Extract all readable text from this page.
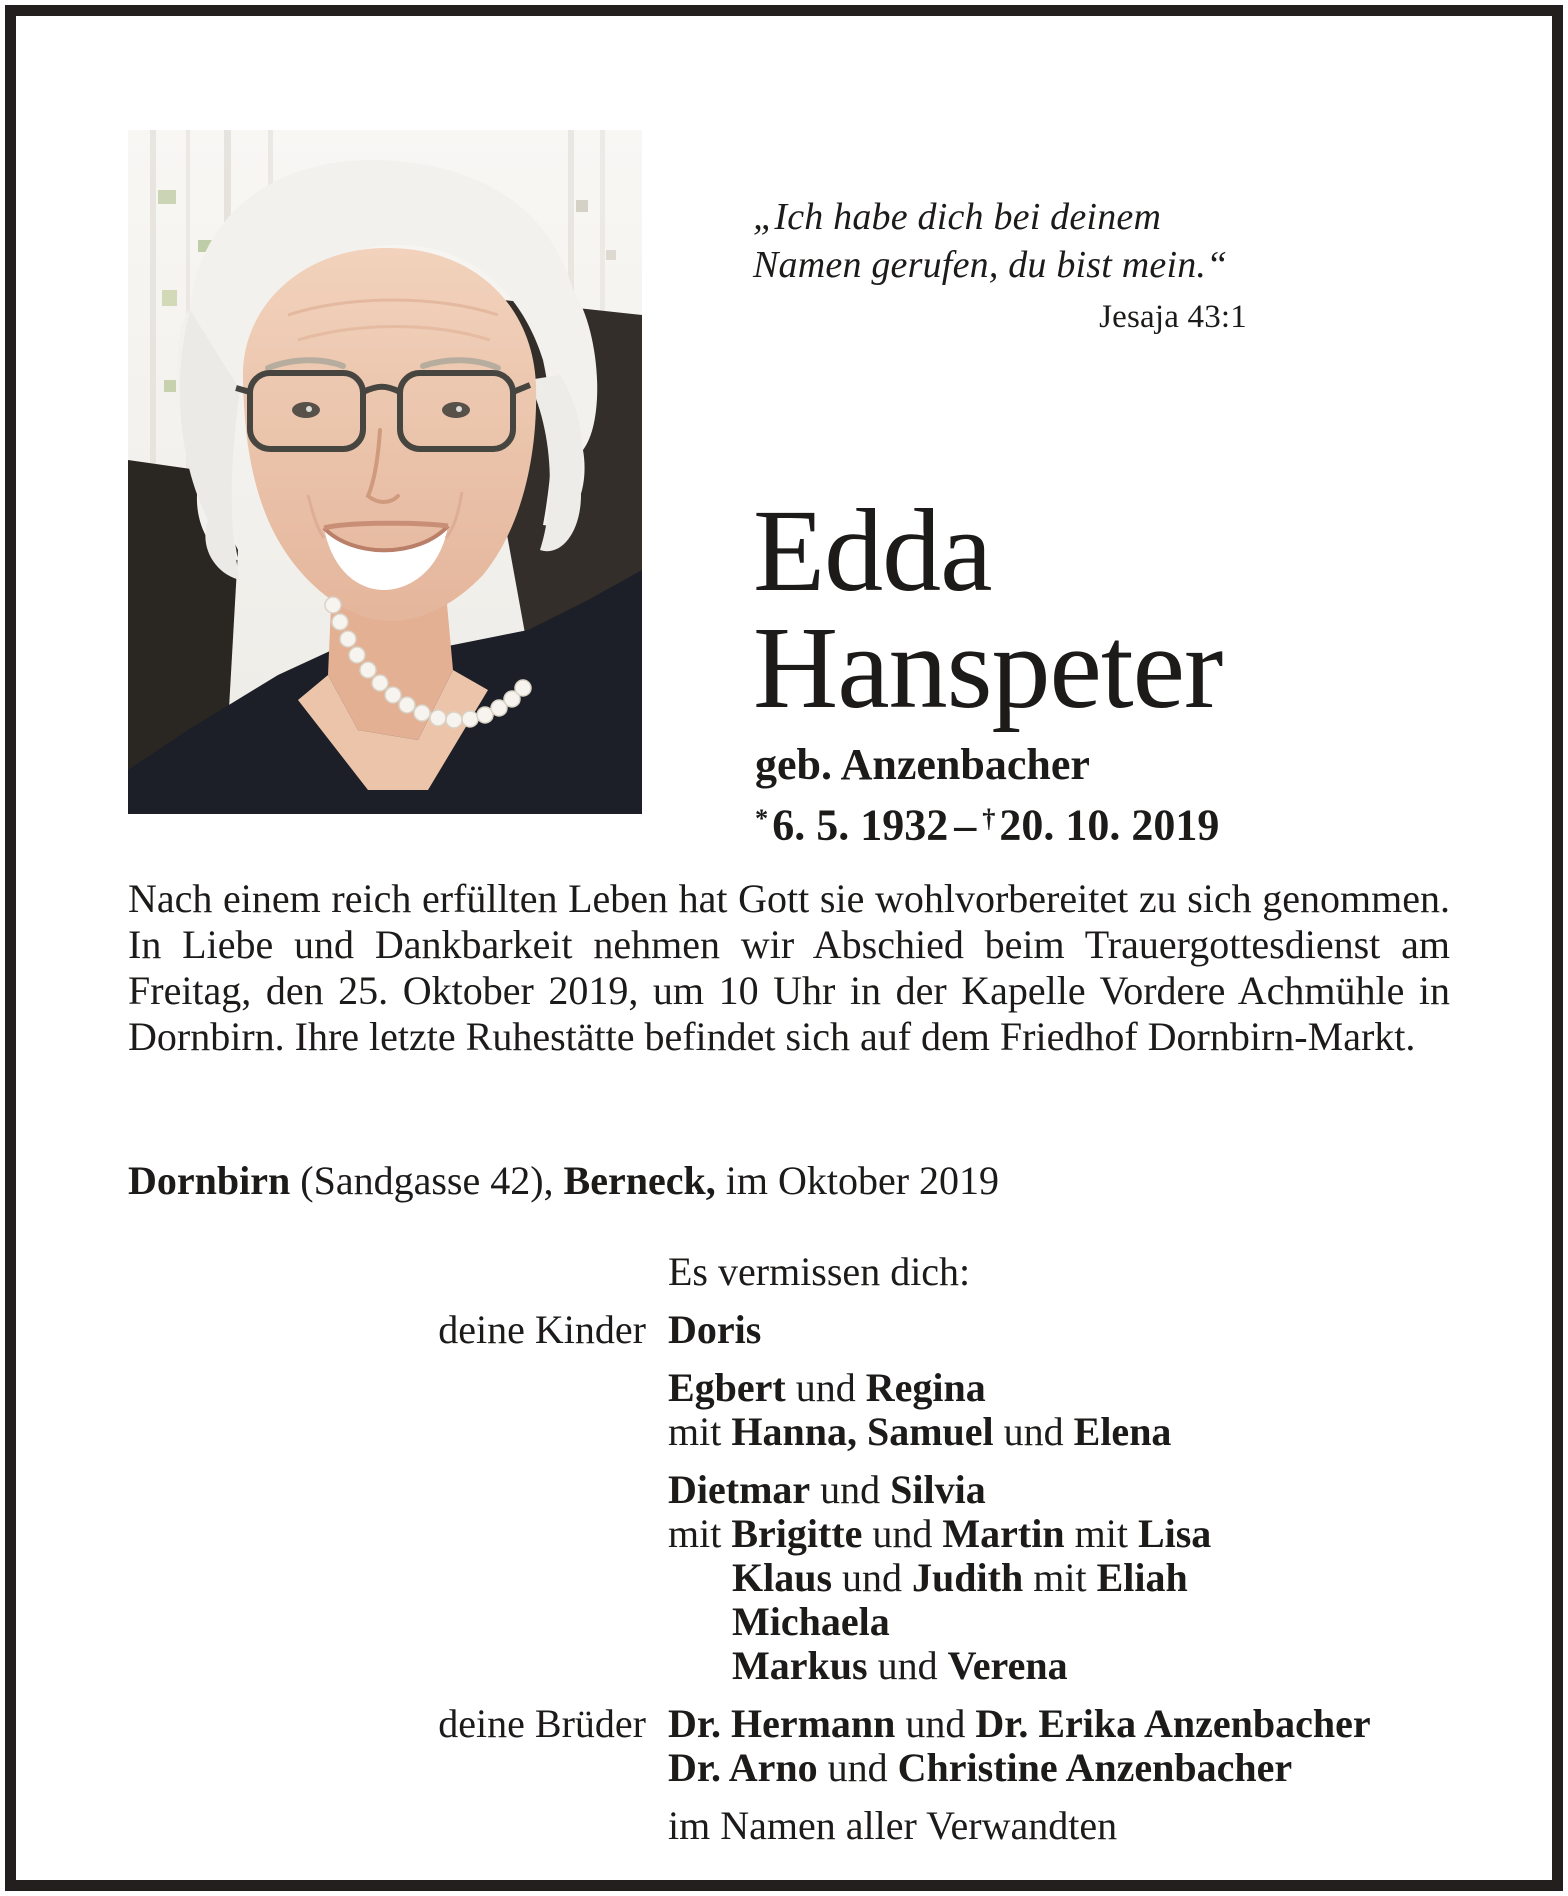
„Ich habe dich bei deinem
Namen gerufen, du bist mein.“
Jesaja 43:1
Edda
Hanspeter
geb. Anzenbacher
*6. 5. 1932 – †20. 10. 2019
Nach einem reich erfüllten Leben hat Gott sie wohlvorbereitet zu sich genommen. In Liebe und Dankbarkeit nehmen wir Abschied beim Trauergottesdienst am Freitag, den 25. Oktober 2019, um 10 Uhr in der Kapelle Vordere Achmühle in Dornbirn. Ihre letzte Ruhestätte befindet sich auf dem Friedhof Dornbirn-Markt.
Dornbirn (Sandgasse 42), Berneck, im Oktober 2019
Es vermissen dich:
deine Kinder Doris
Egbert und Regina
mit Hanna, Samuel und Elena
Dietmar und Silvia
mit Brigitte und Martin mit Lisa
Klaus und Judith mit Eliah
Michaela
Markus und Verena
deine Brüder Dr. Hermann und Dr. Erika Anzenbacher
Dr. Arno und Christine Anzenbacher
im Namen aller Verwandten
